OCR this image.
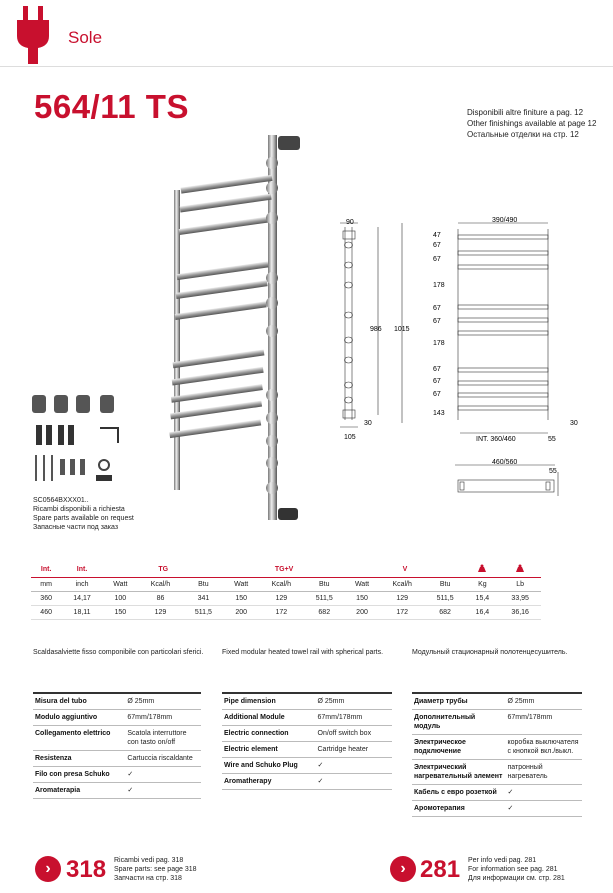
Sole
564/11 TS	Disponibili altre finiture a pag. 12
Other finishings available at page 12
Остальные отделки на стр. 12
SC0564BXXX01..
Ricambi disponibili a richiesta
Spare parts available on request
Запасные части под заказ
90
986 1015
105
30
390/490
47
67
67
178
67
67
178
67
67
67
143
INT. 360/460	55
30
460/560
55
Int.	Int.	TG			TG+V			V		
mm	inch	Watt	Kcal/h	Btu	Watt	Kcal/h	Btu	Watt	Kcal/h	Btu	Kg	Lb
360	14,17	100	86	341	150	129	511,5	150	129	511,5	15,4	33,95
460	18,11	150	129	511,5	200	172	682	200	172	682	16,4	36,16
Scaldasalviette fisso componibile con particolari sferici.	Fixed modular heated towel rail with spherical parts.	Модульный стационарный полотенцесушитель.
Misura del tubo	Ø 25mm
Modulo aggiuntivo	67mm/178mm
Collegamento elettrico	Scatola interruttore con tasto on/off
Resistenza	Cartuccia riscaldante
Filo con presa Schuko	✓
Aromaterapia	✓
Pipe dimension	Ø 25mm
Additional Module	67mm/178mm
Electric connection	On/off switch box
Electric element	Cartridge heater
Wire and Schuko Plug	✓
Aromatherapy	✓
Диаметр трубы	Ø 25mm
Дополнительный модуль	67mm/178mm
Электрическое подключение	коробка выключателя с кнопкой вкл./выкл.
Электрический нагревательный элемент	патронный нагреватель
Кабель с евро розеткой	✓
Аромотерапия	✓
› 318 Ricambi vedi pag. 318
Spare parts: see page 318
Запчасти на стр. 318
› 281 Per info vedi pag. 281
For information see pag. 281
Для информации см. стр. 281
